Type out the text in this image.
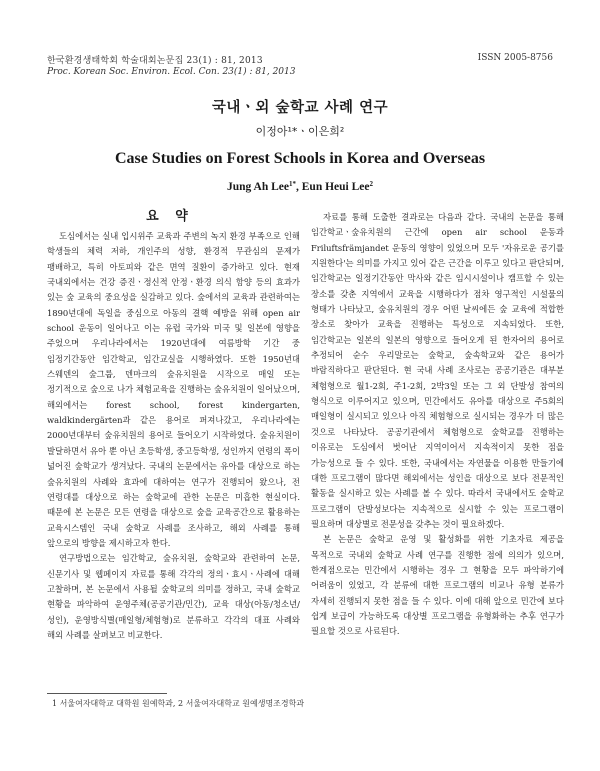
한국환경생태학회 학술대회논문집 23(1) : 81, 2013
Proc. Korean Soc. Environ. Ecol. Con. 23(1) : 81, 2013
ISSN 2005-8756
국내ㆍ외 숲학교 사례 연구
이정아¹*ㆍ이은희²
Case Studies on Forest Schools in Korea and Overseas
Jung Ah Lee$^{1*}$, Eun Heui Lee$^2$
요 약

도심에서는 실내 입시위주 교육과 주변의 녹지 환경 부족으로 인해 학생들의 체력 저하, 개인주의 성향, 환경적 무관심의 문제가 팽배하고, 특히 아토피와 같은 면역 질환이 증가하고 있다. 현재 국내외에서는 건강 증진ㆍ정신적 안정ㆍ환경 의식 함양 등의 효과가 있는 숲 교육의 중요성을 실감하고 있다. 숲에서의 교육과 관련하여는 1890년대에 독일을 중심으로 아동의 결핵 예방을 위해 open air school 운동이 일어나고 이는 유럽 국가와 미국 및 일본에 영향을 주었으며 우리나라에서는 1920년대에 여름방학 기간 중 임정기간동안 임간학교, 임간교실을 시행하였다. 또한 1950년대 스웨덴의 숲그룹, 덴마크의 숲유치원을 시작으로 매일 또는 정기적으로 숲으로 나가 체험교육을 진행하는 숲유치원이 일어났으며, 해외에서는 forest school, forest kindergarten, waldkindergärten과 같은 용어로 퍼져나갔고, 우리나라에는 2000년대부터 숲유치원의 용어로 들어오기 시작하였다. 숲유치원이 발달하면서 유아 뿐 아닌 초등학생, 중고등학생, 성인까지 연령의 폭이 넓어진 숲학교가 생겨났다. 국내의 논문에서는 유아를 대상으로 하는 숲유치원의 사례와 효과에 대하여는 연구가 진행되어 왔으나, 전 연령대를 대상으로 하는 숲학교에 관한 논문은 미흡한 현실이다. 때문에 본 논문은 모든 연령을 대상으로 숲을 교육공간으로 활용하는 교육시스템인 국내 숲학교 사례를 조사하고, 해외 사례를 통해 앞으로의 방향을 제시하고자 한다.

연구방법으로는 임간학교, 숲유치원, 숲학교와 관련하여 논문, 신문기사 및 웹페이지 자료를 통해 각각의 정의ㆍ효시ㆍ사례에 대해 고찰하며, 본 논문에서 사용될 숲학교의 의미를 정하고, 국내 숲학교 현황을 파악하여 운영주체(공공기관/민간), 교육 대상(아동/청소년/성인), 운영방식별(매일형/체험형)로 분류하고 각각의 대표 사례와 해외 사례를 살펴보고 비교한다.

자료를 통해 도출한 결과로는 다음과 같다. 국내의 논문을 통해 임간학교ㆍ숲유치원의 근간에 open air school 운동과 Friluftsfrämjandet 운동의 영향이 있었으며 모두 '자유로운 공기를 지원한다'는 의미를 가지고 있어 같은 근간을 이루고 있다고 판단되며, 임간학교는 일정기간동안 막사와 같은 임시시설이나 캠프할 수 있는 장소를 갖춘 지역에서 교육을 시행하다가 점차 영구적인 시설물의 형태가 나타났고, 숲유치원의 경우 어떤 날씨에든 숲 교육에 적합한 장소로 찾아가 교육을 진행하는 특성으로 지속되었다. 또한, 임간학교는 일본의 일본의 영향으로 들어오게 된 한자어의 용어로 추정되어 순수 우리말로는 숲학교, 숲속학교와 같은 용어가 바람직하다고 판단된다. 현 국내 사례 조사로는 공공기관은 대부분 체험형으로 월1-2회, 주1-2회, 2박3일 또는 그 외 단발성 참여의 형식으로 이루어지고 있으며, 민간에서도 유아를 대상으로 주5회의 매일형이 실시되고 있으나 아직 체험형으로 실시되는 경우가 더 많은 것으로 나타났다. 공공기관에서 체험형으로 숲학교를 진행하는 이유로는 도심에서 벗어난 지역이어서 지속적이지 못한 점을 가능성으로 들 수 있다. 또한, 국내에서는 자연물을 이용한 만들기에 대한 프로그램이 많다면 해외에서는 성인을 대상으로 보다 전문적인 활동을 실시하고 있는 사례를 볼 수 있다. 따라서 국내에서도 숲학교 프로그램이 단발성보다는 지속적으로 실시할 수 있는 프로그램이 필요하며 대상별로 전문성을 갖추는 것이 필요하겠다.

본 논문은 숲학교 운영 및 활성화를 위한 기초자료 제공을 목적으로 국내외 숲학교 사례 연구를 진행한 점에 의의가 있으며, 한계점으로는 민간에서 시행하는 경우 그 현황을 모두 파악하기에 어려움이 있었고, 각 분류에 대한 프로그램의 비교나 유형 분류가 자세히 진행되지 못한 점을 들 수 있다. 이에 대해 앞으로 민간에 보다 쉽게 보급이 가능하도록 대상별 프로그램을 유형화하는 추후 연구가 필요할 것으로 사료된다.

1 서울여자대학교 대학원 원예학과, 2 서울여자대학교 원예생명조경학과
